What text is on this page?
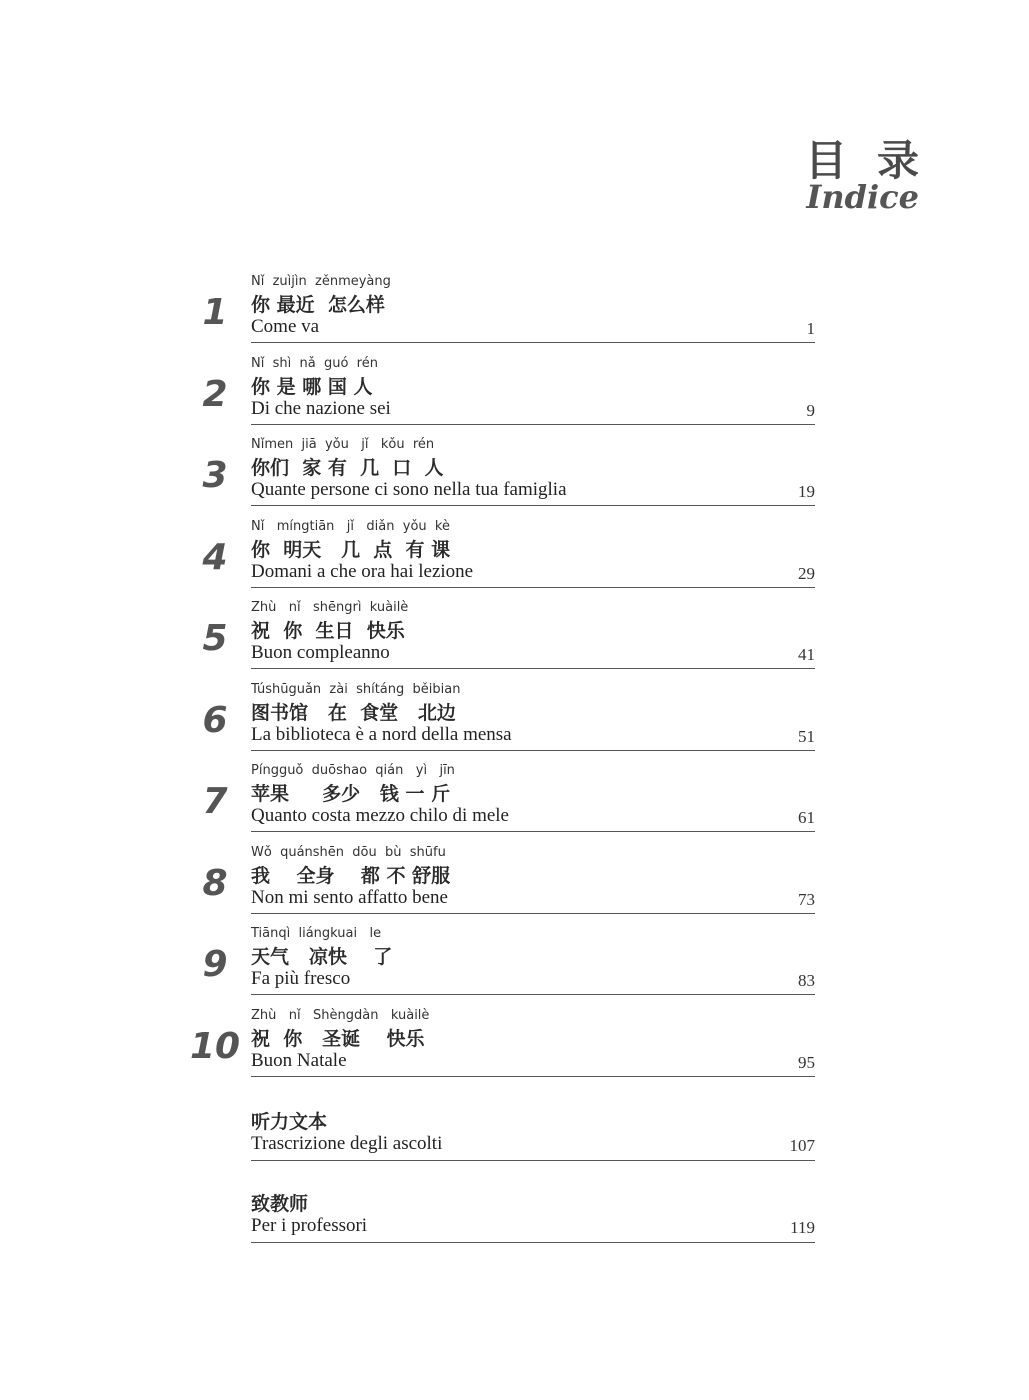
目录
Indice
1
Nǐ  zuìjìn  zěnmeyàng
你 最近  怎么样
Come va	1
2
Nǐ  shì  nǎ  guó  rén
你 是 哪 国 人
Di che nazione sei	9
3
Nǐmen  jiā  yǒu   jǐ   kǒu  rén
你们  家 有  几  口  人
Quante persone ci sono nella tua famiglia	19
4
Nǐ   míngtiān   jǐ   diǎn  yǒu  kè
你  明天   几  点  有 课
Domani a che ora hai lezione	29
5
Zhù   nǐ   shēngrì  kuàilè
祝  你  生日  快乐
Buon compleanno	41
6
Túshūguǎn  zài  shítáng  běibian
图书馆   在  食堂   北边
La biblioteca è a nord della mensa	51
7
Píngguǒ  duōshao  qián   yì   jīn
苹果     多少   钱 一 斤
Quanto costa mezzo chilo di mele	61
8
Wǒ  quánshēn  dōu  bù  shūfu
我    全身    都 不 舒服
Non mi sento affatto bene	73
9
Tiānqì  liángkuai   le
天气   凉快    了
Fa più fresco	83
10
Zhù   nǐ   Shèngdàn   kuàilè
祝  你   圣诞    快乐
Buon Natale	95
听力文本
Trascrizione degli ascolti	107
致教师
Per i professori	119
